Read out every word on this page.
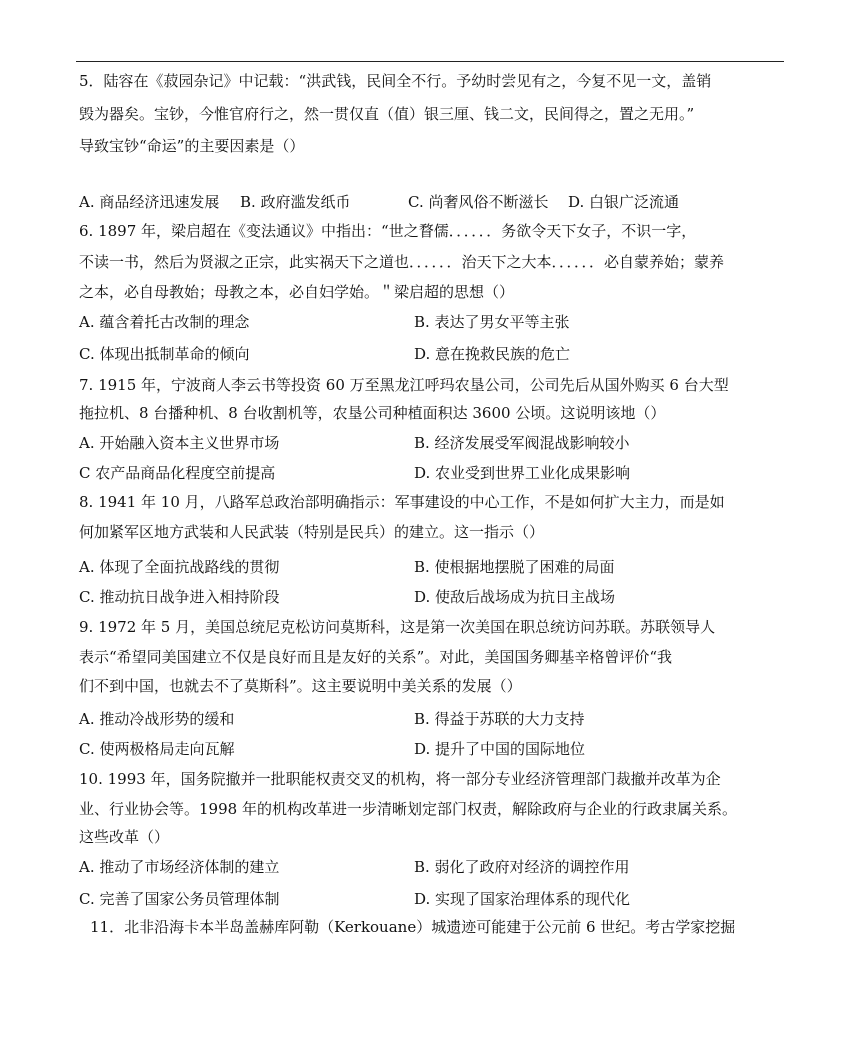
5．陆容在《菽园杂记》中记载：“洪武钱，民间全不行。予幼时尝见有之，今复不见一文，盖销
毁为器矣。宝钞，今惟官府行之，然一贯仅直（值）银三厘、钱二文，民间得之，置之无用。”
导致宝钞“命运”的主要因素是（）
A. 商品经济迅速发展 B. 政府滥发纸币	C. 尚奢风俗不断滋长 D. 白银广泛流通
6. 1897 年，梁启超在《变法通议》中指出：“世之瞀儒．．．．．．务欲令天下女子，不识一字，
不读一书，然后为贤淑之正宗，此实祸天下之道也．．．．．．治天下之大本．．．．．．必自蒙养始；蒙养
之本，必自母教始；母教之本，必自妇学始。＂梁启超的思想（）
A. 蕴含着托古改制的理念	B. 表达了男女平等主张
C. 体现出抵制革命的倾向	D. 意在挽救民族的危亡
7. 1915 年，宁波商人李云书等投资 60 万至黑龙江呼玛农垦公司，公司先后从国外购买 6 台大型
拖拉机、8 台播种机、8 台收割机等，农垦公司种植面积达 3600 公顷。这说明该地（）
A. 开始融入资本主义世界市场	B. 经济发展受军阀混战影响较小
C 农产品商品化程度空前提高	D. 农业受到世界工业化成果影响
8. 1941 年 10 月，八路军总政治部明确指示：军事建设的中心工作，不是如何扩大主力，而是如
何加紧军区地方武装和人民武装（特别是民兵）的建立。这一指示（）
A. 体现了全面抗战路线的贯彻	B. 使根据地摆脱了困难的局面
C. 推动抗日战争进入相持阶段	D. 使敌后战场成为抗日主战场
9. 1972 年 5 月，美国总统尼克松访问莫斯科，这是第一次美国在职总统访问苏联。苏联领导人
表示“希望同美国建立不仅是良好而且是友好的关系”。对此，美国国务卿基辛格曾评价“我
们不到中国，也就去不了莫斯科”。这主要说明中美关系的发展（）
A. 推动冷战形势的缓和	B. 得益于苏联的大力支持
C. 使两极格局走向瓦解	D. 提升了中国的国际地位
10. 1993 年，国务院撤并一批职能权责交叉的机构，将一部分专业经济管理部门裁撤并改革为企
业、行业协会等。1998 年的机构改革进一步清晰划定部门权责，解除政府与企业的行政隶属关系。
这些改革（）
A. 推动了市场经济体制的建立	B. 弱化了政府对经济的调控作用
C. 完善了国家公务员管理体制	D. 实现了国家治理体系的现代化
11．北非沿海卡本半岛盖赫库阿勒（Kerkouane）城遗迹可能建于公元前 6 世纪。考古学家挖掘
